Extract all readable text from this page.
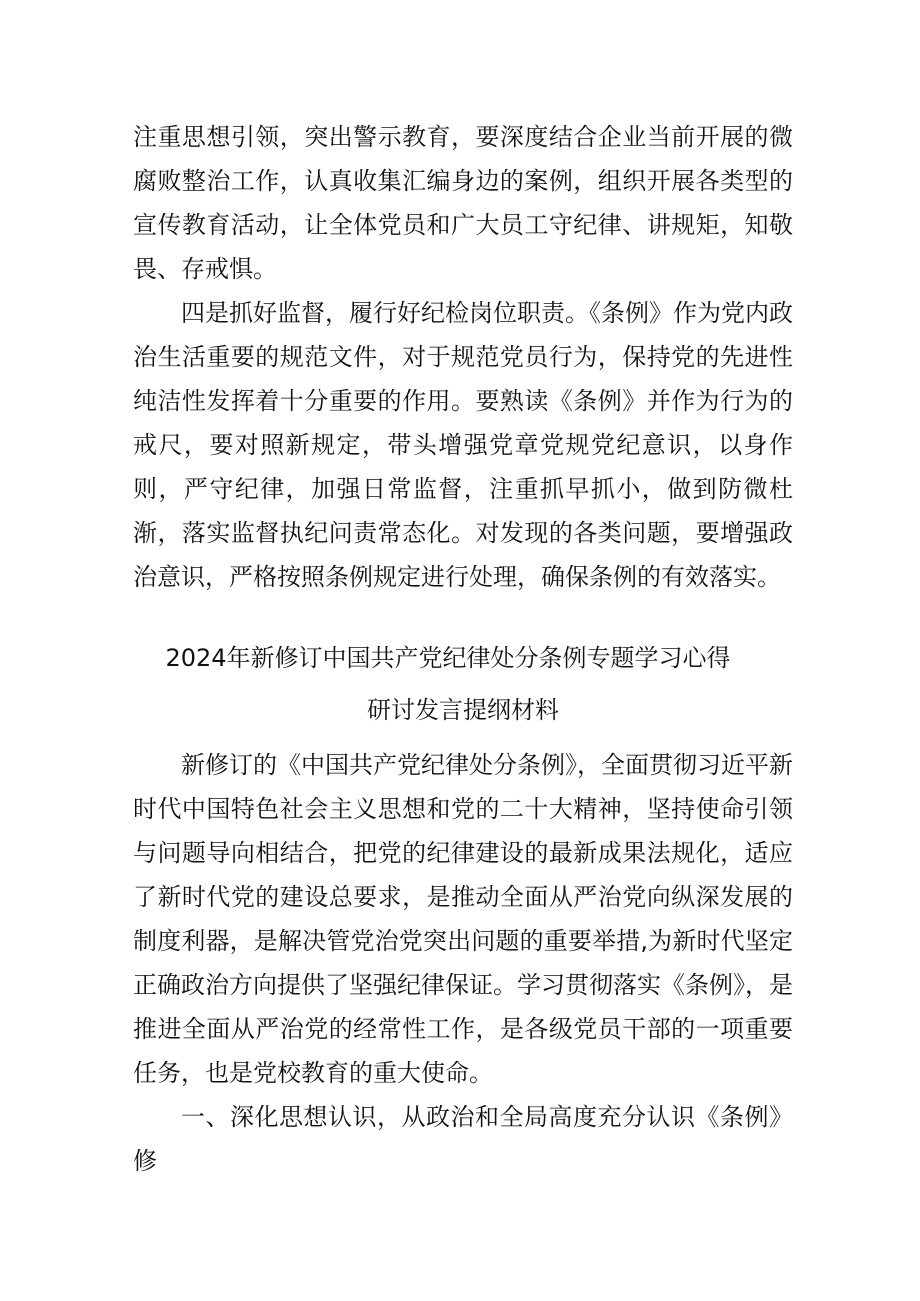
注重思想引领，突出警示教育，要深度结合企业当前开展的微腐败整治工作，认真收集汇编身边的案例，组织开展各类型的宣传教育活动，让全体党员和广大员工守纪律、讲规矩，知敬畏、存戒惧。

四是抓好监督，履行好纪检岗位职责。《条例》作为党内政治生活重要的规范文件，对于规范党员行为，保持党的先进性纯洁性发挥着十分重要的作用。要熟读《条例》并作为行为的戒尺，要对照新规定，带头增强党章党规党纪意识，以身作则，严守纪律，加强日常监督，注重抓早抓小，做到防微杜渐，落实监督执纪问责常态化。对发现的各类问题，要增强政治意识，严格按照条例规定进行处理，确保条例的有效落实。

2024年新修订中国共产党纪律处分条例专题学习心得
研讨发言提纲材料

新修订的《中国共产党纪律处分条例》，全面贯彻习近平新时代中国特色社会主义思想和党的二十大精神，坚持使命引领与问题导向相结合，把党的纪律建设的最新成果法规化，适应了新时代党的建设总要求，是推动全面从严治党向纵深发展的制度利器，是解决管党治党突出问题的重要举措,为新时代坚定正确政治方向提供了坚强纪律保证。学习贯彻落实《条例》，是推进全面从严治党的经常性工作，是各级党员干部的一项重要任务，也是党校教育的重大使命。

一、深化思想认识，从政治和全局高度充分认识《条例》修
